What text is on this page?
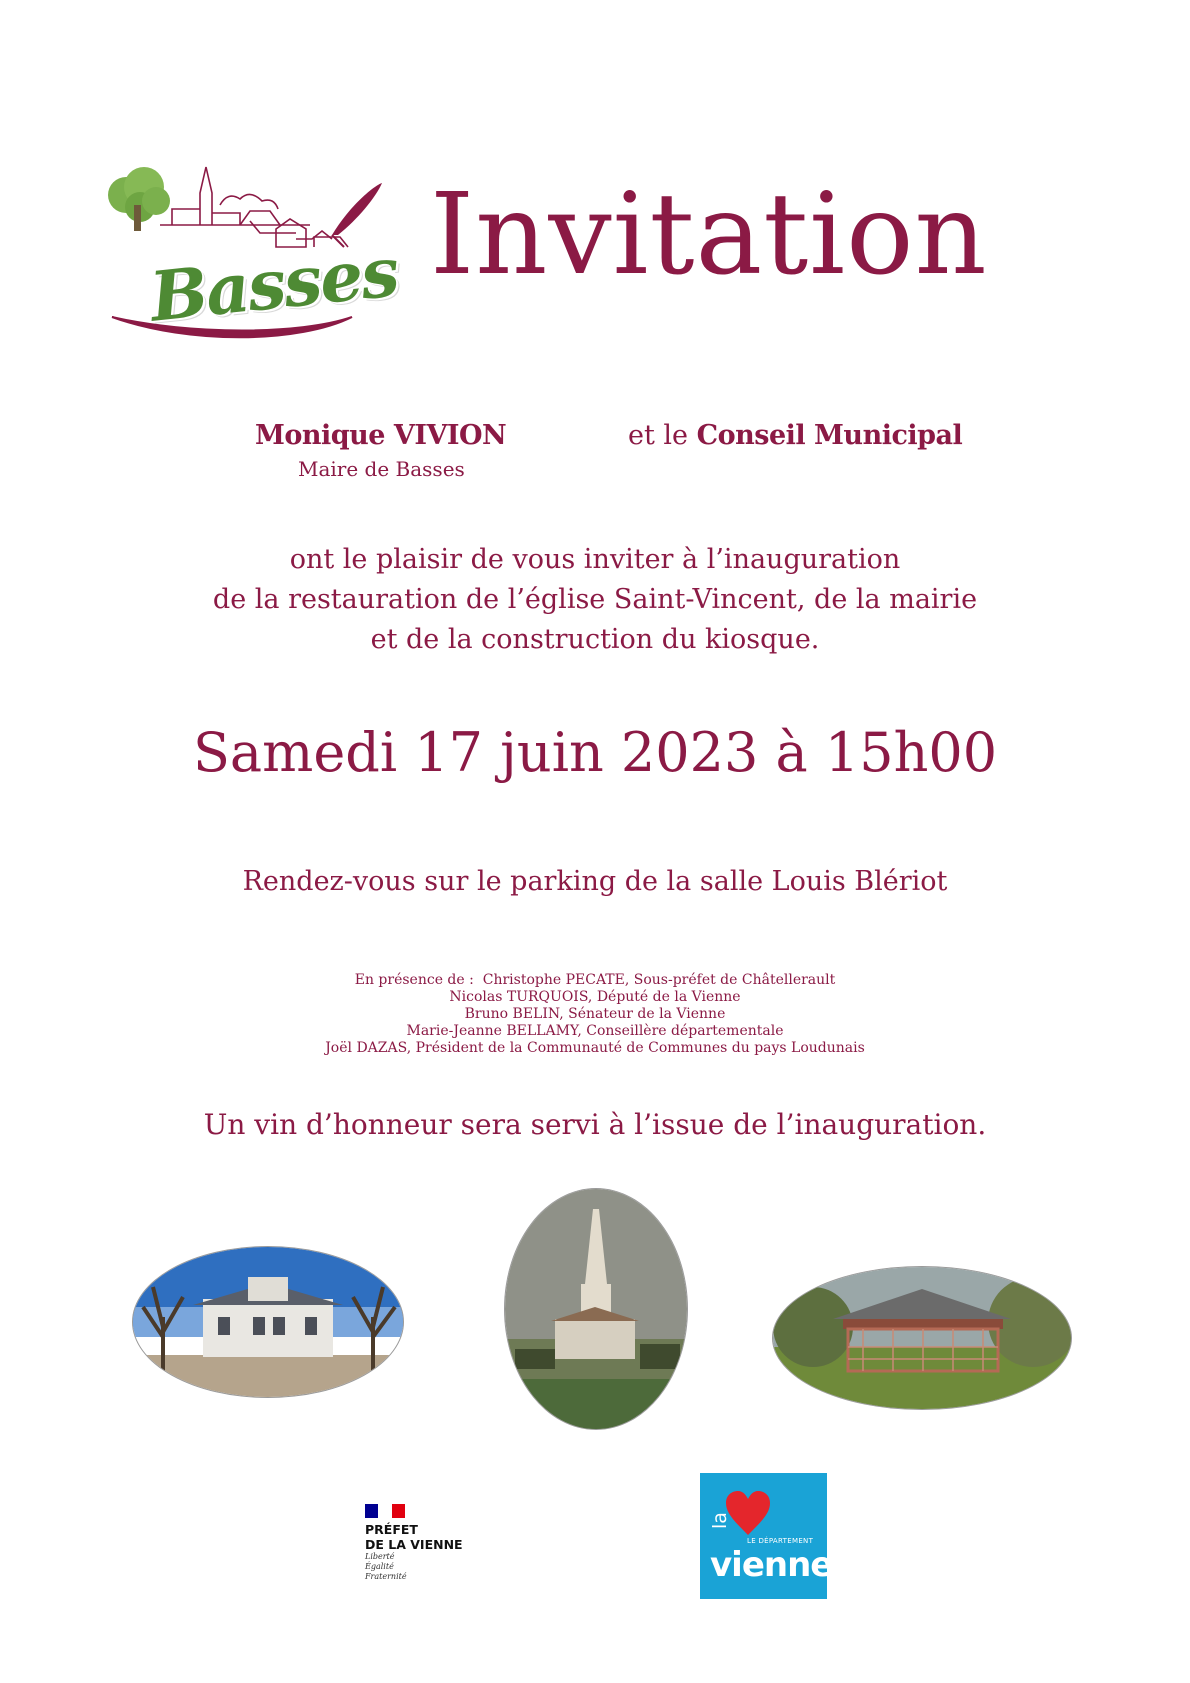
Basses Invitation
Monique VIVION
Maire de Basses
et le Conseil Municipal
ont le plaisir de vous inviter à l’inauguration
de la restauration de l’église Saint-Vincent, de la mairie
et de la construction du kiosque.
Samedi 17 juin 2023 à 15h00
Rendez-vous sur le parking de la salle Louis Blériot
En présence de :  Christophe PECATE, Sous-préfet de Châtellerault
Nicolas TURQUOIS, Député de la Vienne
Bruno BELIN, Sénateur de la Vienne
Marie-Jeanne BELLAMY, Conseillère départementale
Joël DAZAS, Président de la Communauté de Communes du pays Loudunais
Un vin d’honneur sera servi à l’issue de l’inauguration.
PRÉFET
DE LA VIENNE
Liberté
Égalité
Fraternité
la
LE DÉPARTEMENT
vienne
